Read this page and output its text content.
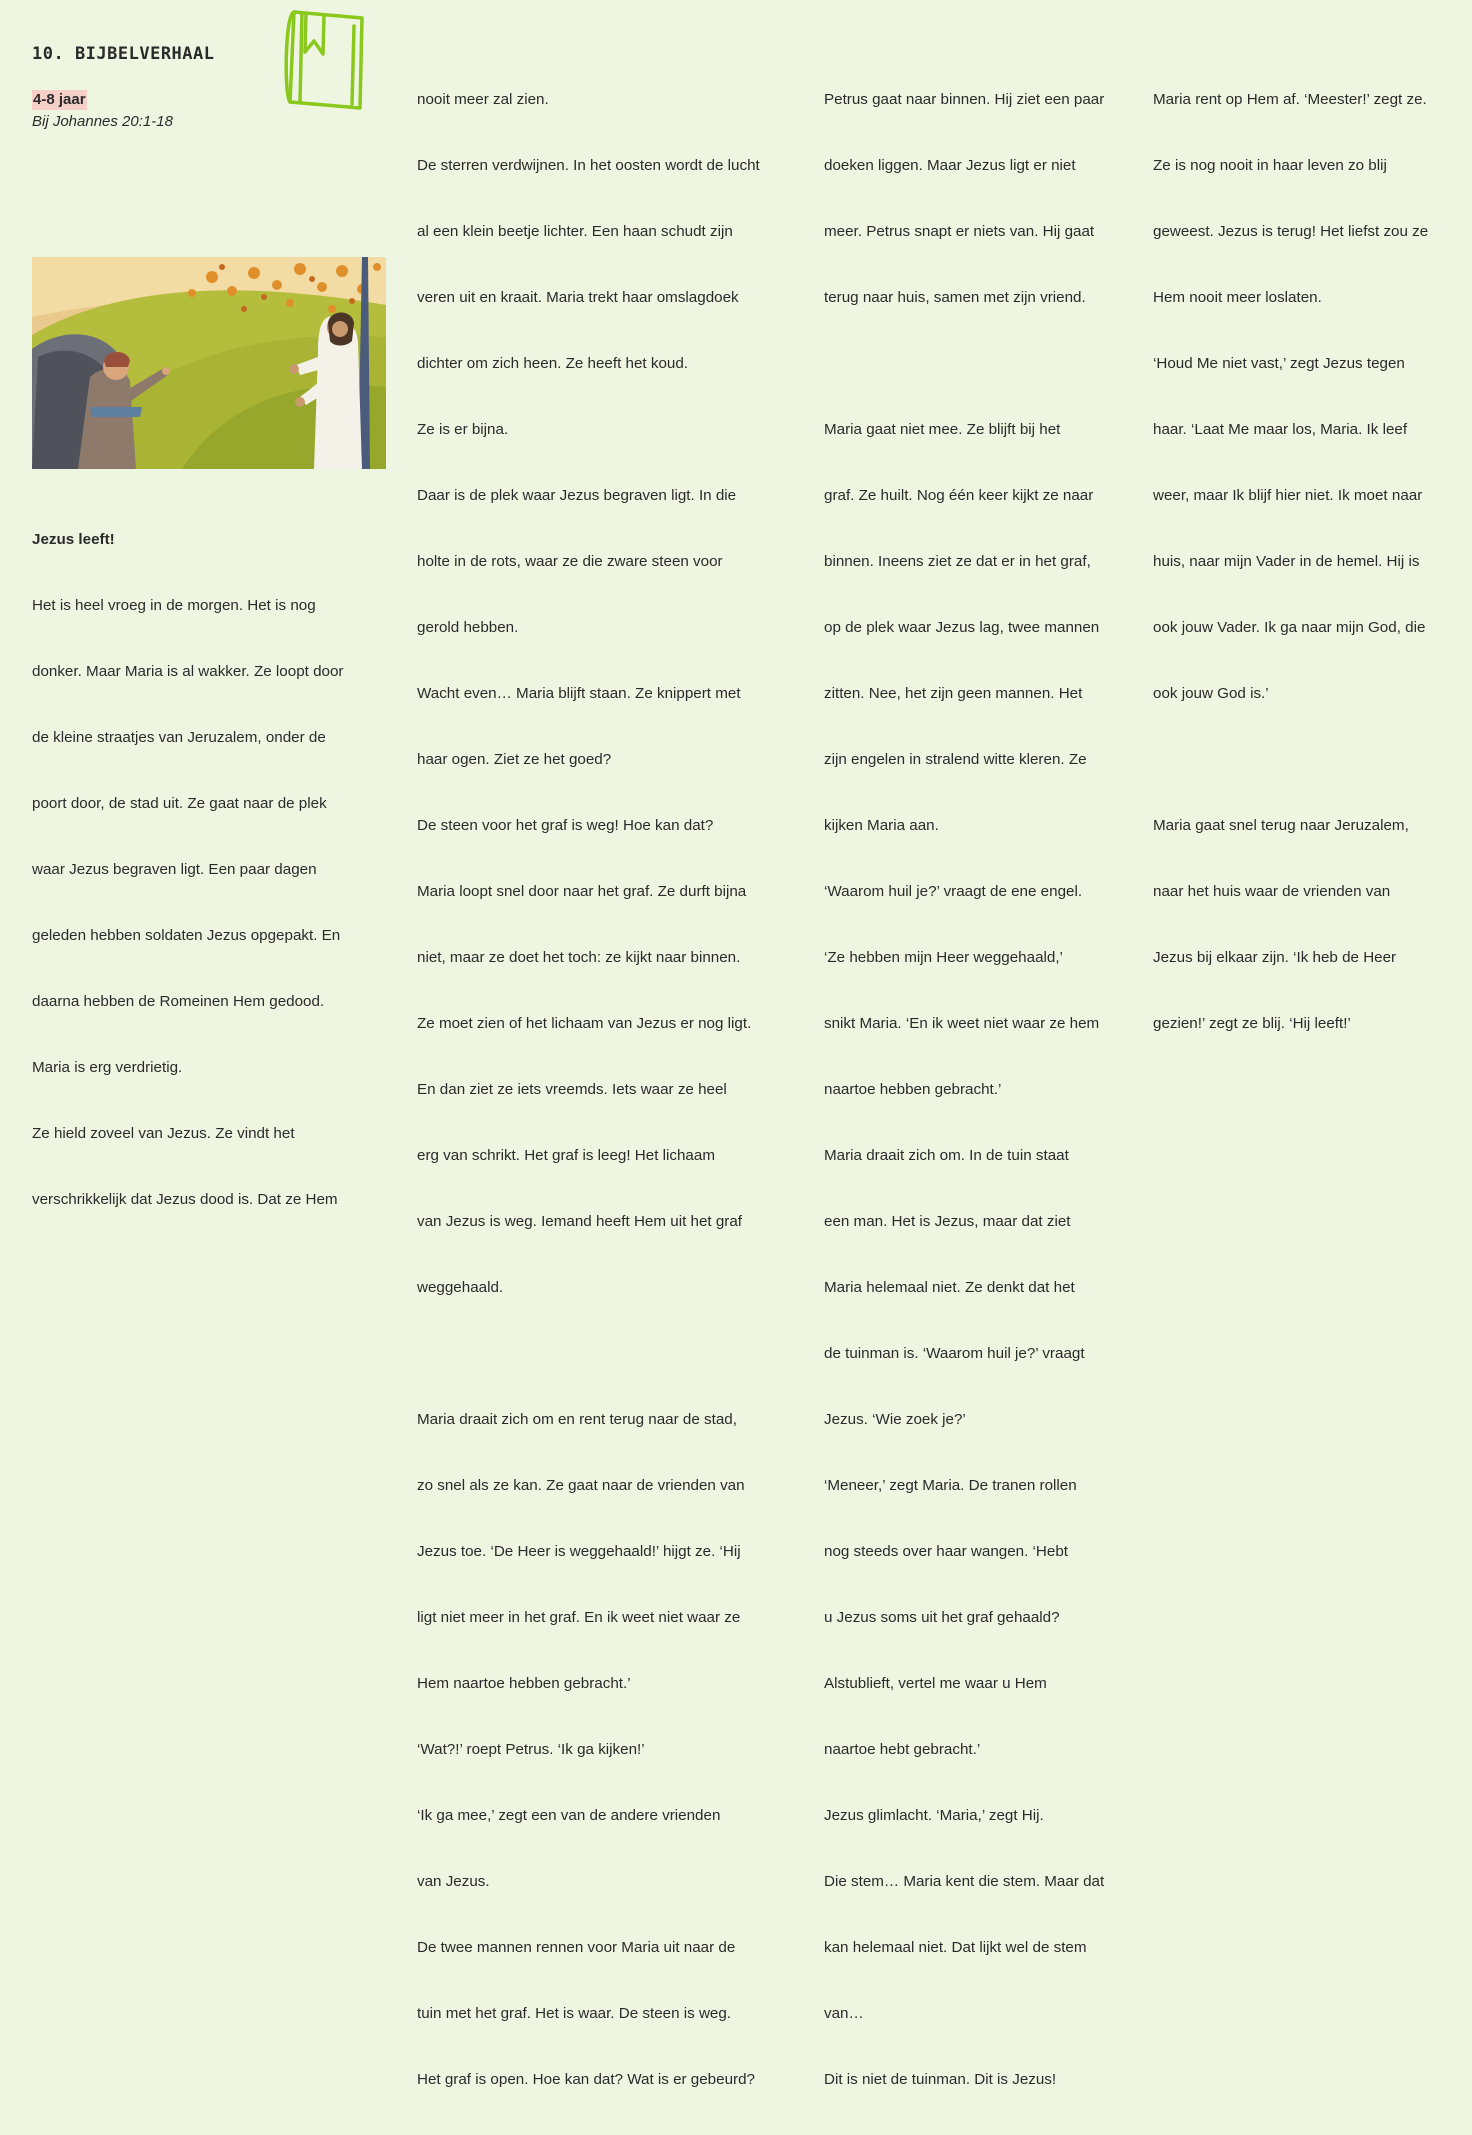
10. BIJBELVERHAAL
4-8 jaar
Bij Johannes 20:1-18

Jezus leeft!

Het is heel vroeg in de morgen. Het is nog

donker. Maar Maria is al wakker. Ze loopt door

de kleine straatjes van Jeruzalem, onder de

poort door, de stad uit. Ze gaat naar de plek

waar Jezus begraven ligt. Een paar dagen

geleden hebben soldaten Jezus opgepakt. En

daarna hebben de Romeinen Hem gedood.

Maria is erg verdrietig.

Ze hield zoveel van Jezus. Ze vindt het

verschrikkelijk dat Jezus dood is. Dat ze Hem

nooit meer zal zien.

De sterren verdwijnen. In het oosten wordt de lucht

al een klein beetje lichter. Een haan schudt zijn

veren uit en kraait. Maria trekt haar omslagdoek

dichter om zich heen. Ze heeft het koud.

Ze is er bijna.

Daar is de plek waar Jezus begraven ligt. In die

holte in de rots, waar ze die zware steen voor

gerold hebben.

Wacht even… Maria blijft staan. Ze knippert met

haar ogen. Ziet ze het goed?

De steen voor het graf is weg! Hoe kan dat?

Maria loopt snel door naar het graf. Ze durft bijna

niet, maar ze doet het toch: ze kijkt naar binnen.

Ze moet zien of het lichaam van Jezus er nog ligt.

En dan ziet ze iets vreemds. Iets waar ze heel

erg van schrikt. Het graf is leeg! Het lichaam

van Jezus is weg. Iemand heeft Hem uit het graf

weggehaald.

Maria draait zich om en rent terug naar de stad,

zo snel als ze kan. Ze gaat naar de vrienden van

Jezus toe. ‘De Heer is weggehaald!’ hijgt ze. ‘Hij

ligt niet meer in het graf. En ik weet niet waar ze

Hem naartoe hebben gebracht.’

‘Wat?!’ roept Petrus. ‘Ik ga kijken!’

‘Ik ga mee,’ zegt een van de andere vrienden

van Jezus.

De twee mannen rennen voor Maria uit naar de

tuin met het graf. Het is waar. De steen is weg.

Het graf is open. Hoe kan dat? Wat is er gebeurd?

Petrus gaat naar binnen. Hij ziet een paar

doeken liggen. Maar Jezus ligt er niet

meer. Petrus snapt er niets van. Hij gaat

terug naar huis, samen met zijn vriend.

Maria gaat niet mee. Ze blijft bij het

graf. Ze huilt. Nog één keer kijkt ze naar

binnen. Ineens ziet ze dat er in het graf,

op de plek waar Jezus lag, twee mannen

zitten. Nee, het zijn geen mannen. Het

zijn engelen in stralend witte kleren. Ze

kijken Maria aan.

‘Waarom huil je?’ vraagt de ene engel.

‘Ze hebben mijn Heer weggehaald,’

snikt Maria. ‘En ik weet niet waar ze hem

naartoe hebben gebracht.’

Maria draait zich om. In de tuin staat

een man. Het is Jezus, maar dat ziet

Maria helemaal niet. Ze denkt dat het

de tuinman is. ‘Waarom huil je?’ vraagt

Jezus. ‘Wie zoek je?’

‘Meneer,’ zegt Maria. De tranen rollen

nog steeds over haar wangen. ‘Hebt

u Jezus soms uit het graf gehaald?

Alstublieft, vertel me waar u Hem

naartoe hebt gebracht.’

Jezus glimlacht. ‘Maria,’ zegt Hij.

Die stem… Maria kent die stem. Maar dat

kan helemaal niet. Dat lijkt wel de stem

van…

Dit is niet de tuinman. Dit is Jezus!

Maria rent op Hem af. ‘Meester!’ zegt ze.

Ze is nog nooit in haar leven zo blij

geweest. Jezus is terug! Het liefst zou ze

Hem nooit meer loslaten.

‘Houd Me niet vast,’ zegt Jezus tegen

haar. ‘Laat Me maar los, Maria. Ik leef

weer, maar Ik blijf hier niet. Ik moet naar

huis, naar mijn Vader in de hemel. Hij is

ook jouw Vader. Ik ga naar mijn God, die

ook jouw God is.’

Maria gaat snel terug naar Jeruzalem,

naar het huis waar de vrienden van

Jezus bij elkaar zijn. ‘Ik heb de Heer

gezien!’ zegt ze blij. ‘Hij leeft!’
